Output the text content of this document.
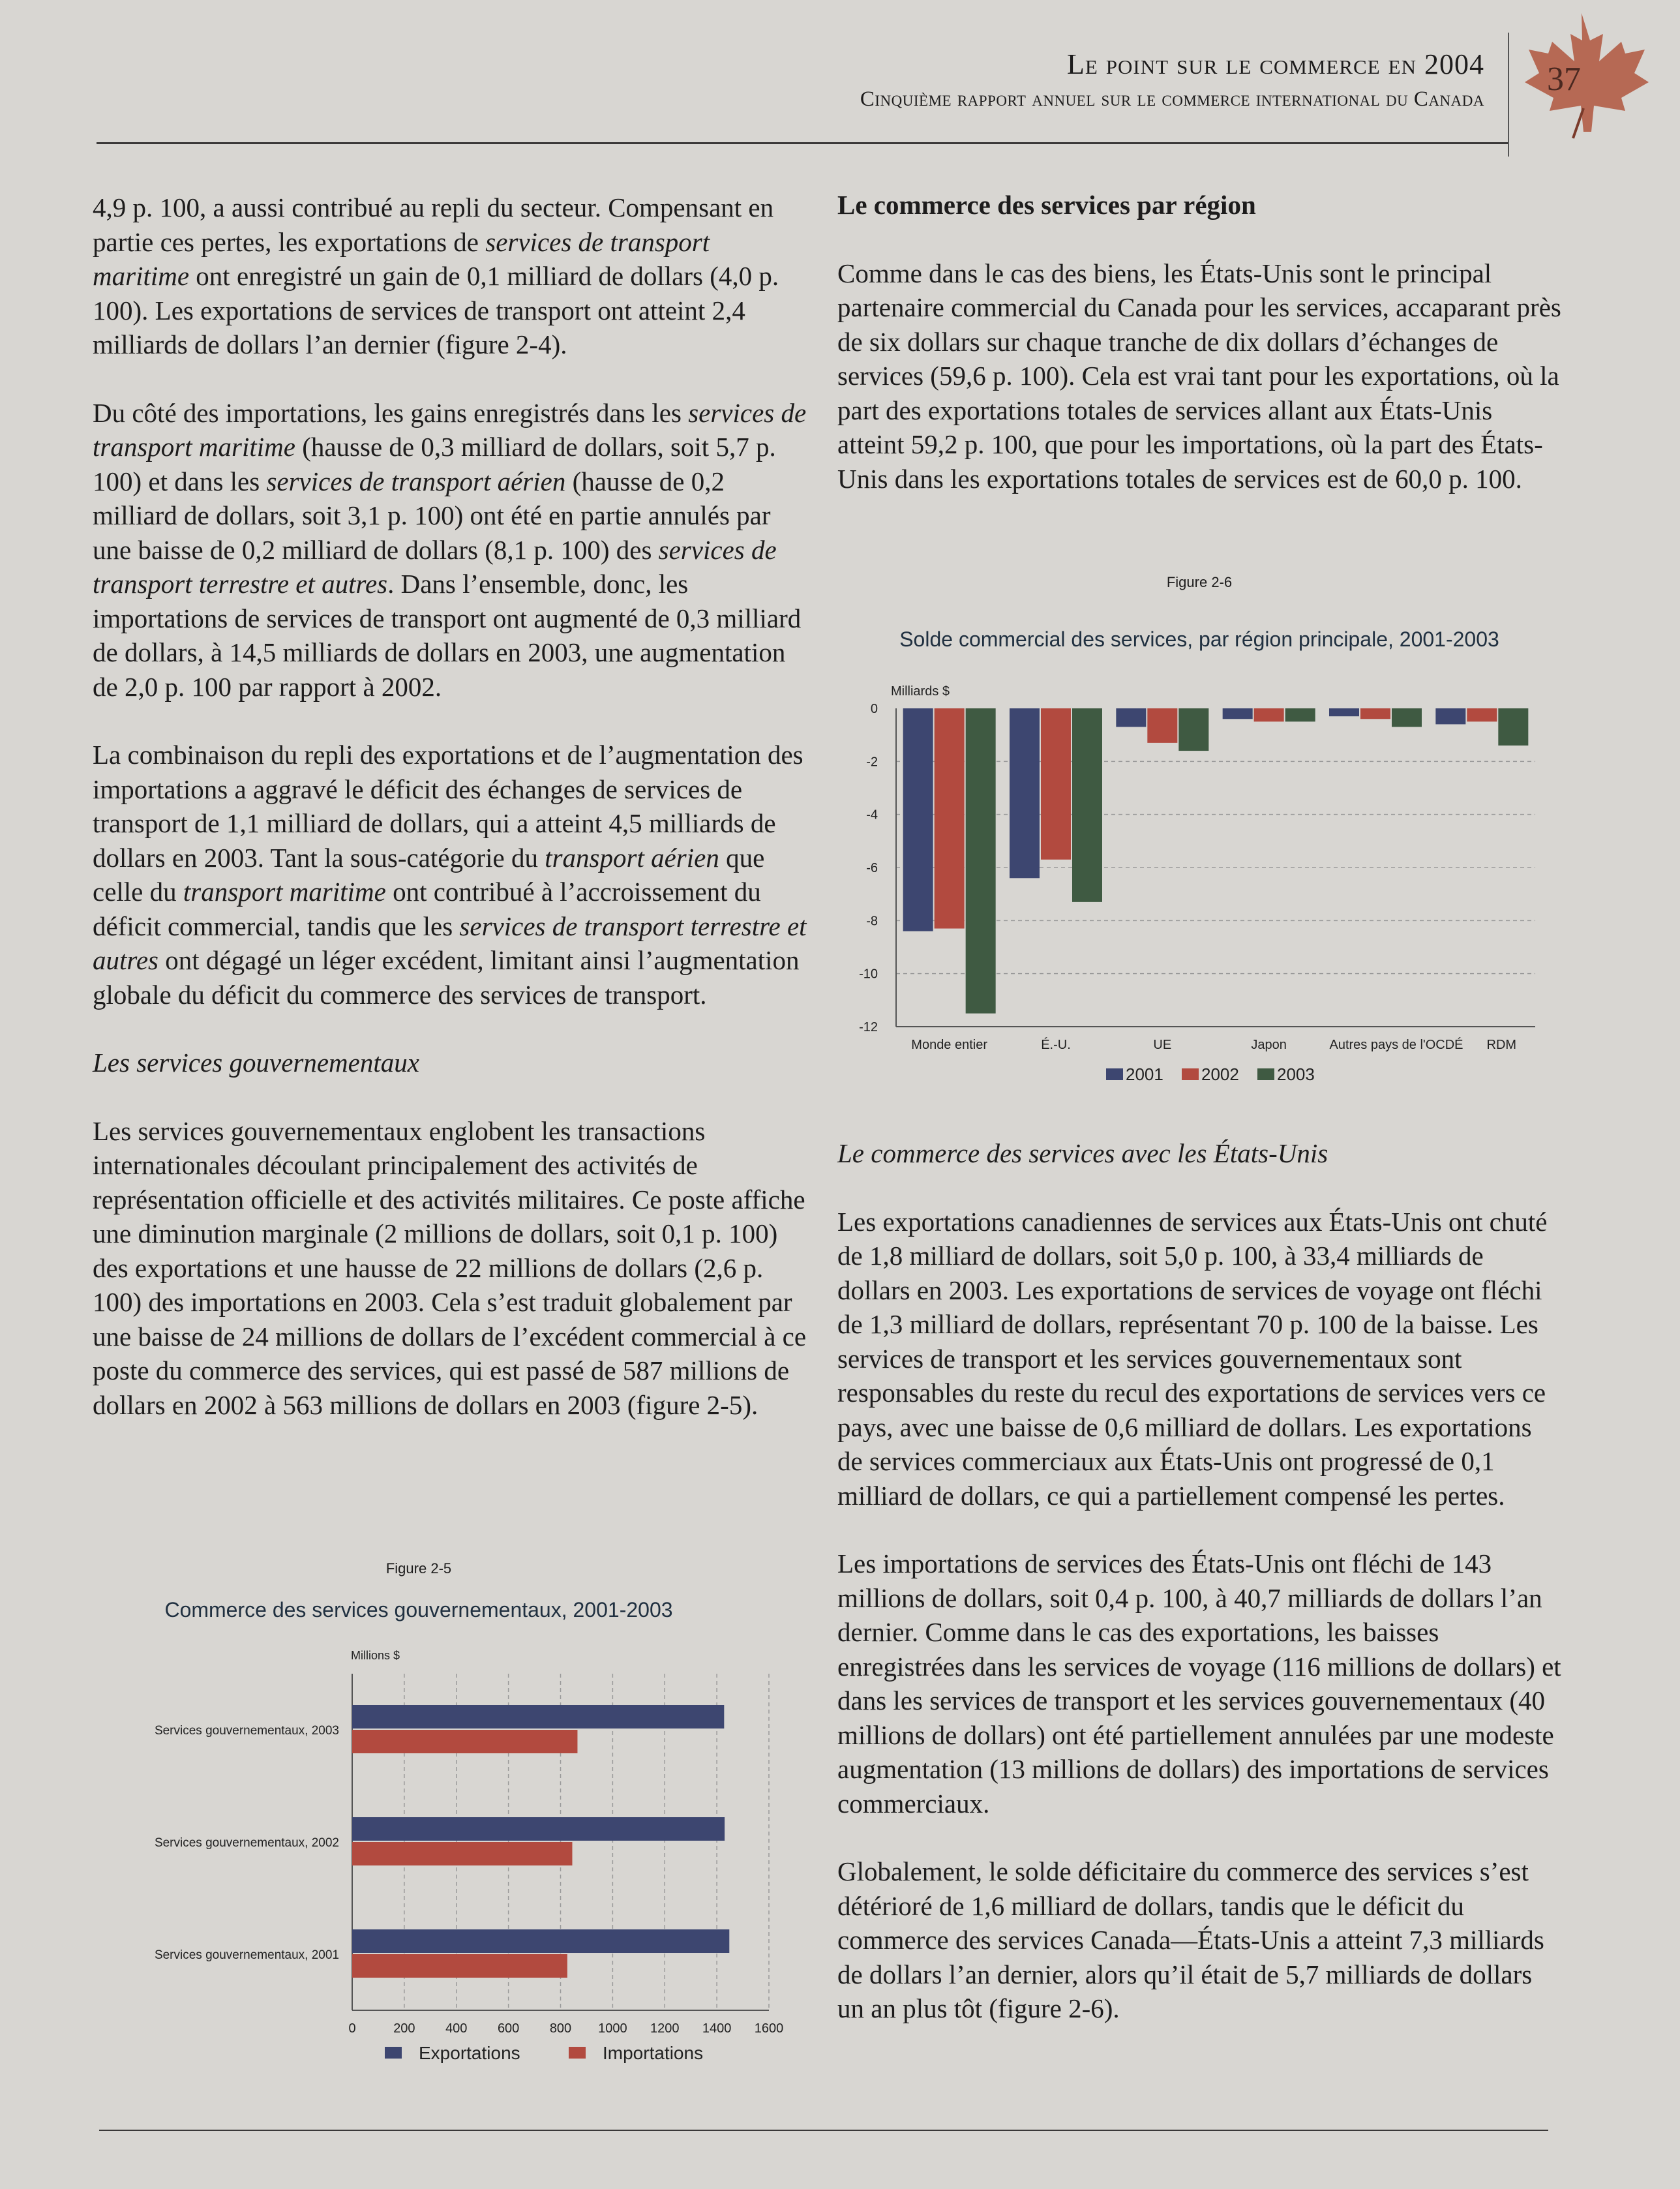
Le point sur le commerce en 2004
Cinquième rapport annuel sur le commerce international du Canada
37

4,9 p. 100, a aussi contribué au repli du secteur. Compensant en partie ces pertes, les exportations de services de transport maritime ont enregistré un gain de 0,1 milliard de dollars (4,0 p. 100). Les exportations de services de transport ont atteint 2,4 milliards de dollars l’an dernier (figure 2-4).

Du côté des importations, les gains enregistrés dans les services de transport maritime (hausse de 0,3 milliard de dollars, soit 5,7 p. 100) et dans les services de transport aérien (hausse de 0,2 milliard de dollars, soit 3,1 p. 100) ont été en partie annulés par une baisse de 0,2 milliard de dollars (8,1 p. 100) des services de transport terrestre et autres. Dans l’ensemble, donc, les importations de services de transport ont augmenté de 0,3 milliard de dollars, à 14,5 milliards de dollars en 2003, une augmentation de 2,0 p. 100 par rapport à 2002.

La combinaison du repli des exportations et de l’augmentation des importations a aggravé le déficit des échanges de services de transport de 1,1 milliard de dollars, qui a atteint 4,5 milliards de dollars en 2003. Tant la sous-catégorie du transport aérien que celle du transport maritime ont contribué à l’accroissement du déficit commercial, tandis que les services de transport terrestre et autres ont dégagé un léger excédent, limitant ainsi l’augmentation globale du déficit du commerce des services de transport.

Les services gouvernementaux

Les services gouvernementaux englobent les transactions internationales découlant principalement des activités de représentation officielle et des activités militaires. Ce poste affiche une diminution marginale (2 millions de dollars, soit 0,1 p. 100) des exportations et une hausse de 22 millions de dollars (2,6 p. 100) des importations en 2003. Cela s’est traduit globalement par une baisse de 24 millions de dollars de l’excédent commercial à ce poste du commerce des services, qui est passé de 587 millions de dollars en 2002 à 563 millions de dollars en 2003 (figure 2-5).

Le commerce des services par région

Comme dans le cas des biens, les États-Unis sont le principal partenaire commercial du Canada pour les services, accaparant près de six dollars sur chaque tranche de dix dollars d’échanges de services (59,6 p. 100). Cela est vrai tant pour les exportations, où la part des exportations totales de services allant aux États-Unis atteint 59,2 p. 100, que pour les importations, où la part des États-Unis dans les exportations totales de services est de 60,0 p. 100.

Le commerce des services avec les États-Unis

Les exportations canadiennes de services aux États-Unis ont chuté de 1,8 milliard de dollars, soit 5,0 p. 100, à 33,4 milliards de dollars en 2003. Les exportations de services de voyage ont fléchi de 1,3 milliard de dollars, représentant 70 p. 100 de la baisse. Les services de transport et les services gouvernementaux sont responsables du reste du recul des exportations de services vers ce pays, avec une baisse de 0,6 milliard de dollars. Les exportations de services commerciaux aux États-Unis ont progressé de 0,1 milliard de dollars, ce qui a partiellement compensé les pertes.

Les importations de services des États-Unis ont fléchi de 143 millions de dollars, soit 0,4 p. 100, à 40,7 milliards de dollars l’an dernier. Comme dans le cas des exportations, les baisses enregistrées dans les services de voyage (116 millions de dollars) et dans les services de transport et les services gouvernementaux (40 millions de dollars) ont été partiellement annulées par une modeste augmentation (13 millions de dollars) des importations de services commerciaux.

Globalement, le solde déficitaire du commerce des services s’est détérioré de 1,6 milliard de dollars, tandis que le déficit du commerce des services Canada—États-Unis a atteint 7,3 milliards de dollars l’an dernier, alors qu’il était de 5,7 milliards de dollars un an plus tôt (figure 2-6).

Figure 2-6
Solde commercial des services, par région principale, 2001-2003
Milliards $
0
-2
-4
-6
-8
-10
-12
Monde entier	É.-U.	UE	Japon	Autres pays de l'OCDÉ RDM
2001 2002 2003
Figure 2-5
Commerce des services gouvernementaux, 2001-2003
Millions $
0	200 400 600 800 1000 1200 1400 1600
Services gouvernementaux, 2003
Services gouvernementaux, 2002
Services gouvernementaux, 2001
Exportations	Importations
